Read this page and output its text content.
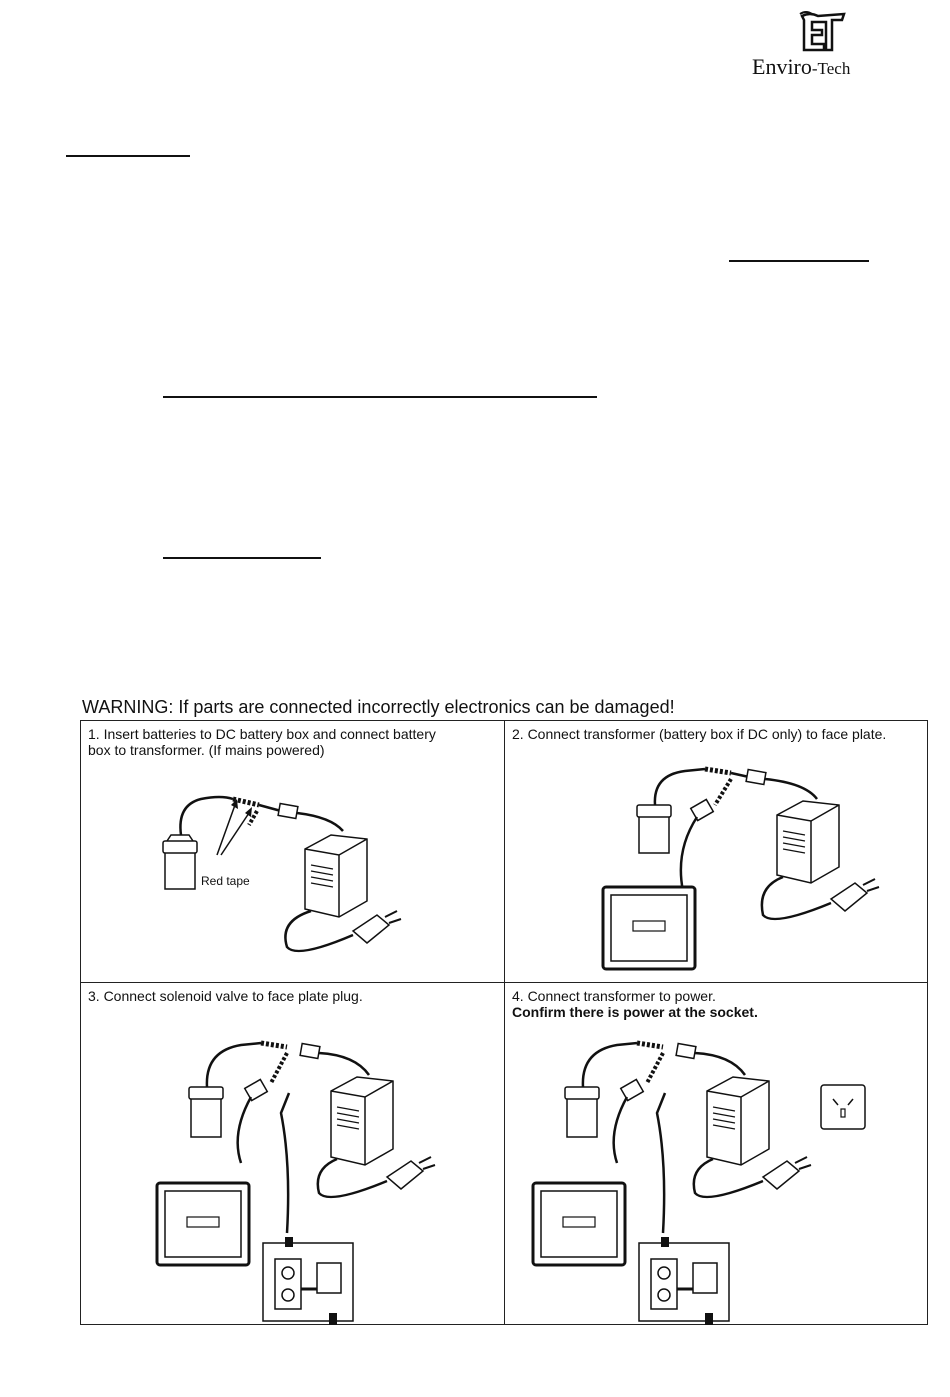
Enviro-Tech
WARNING: If parts are connected incorrectly electronics can be damaged!
1. Insert batteries to DC battery box and connect battery box to transformer. (If mains powered)
Red tape
2. Connect transformer (battery box if DC only) to face plate.
3. Connect solenoid valve to face plate plug.	4. Connect transformer to power.
Confirm there is power at the socket.
